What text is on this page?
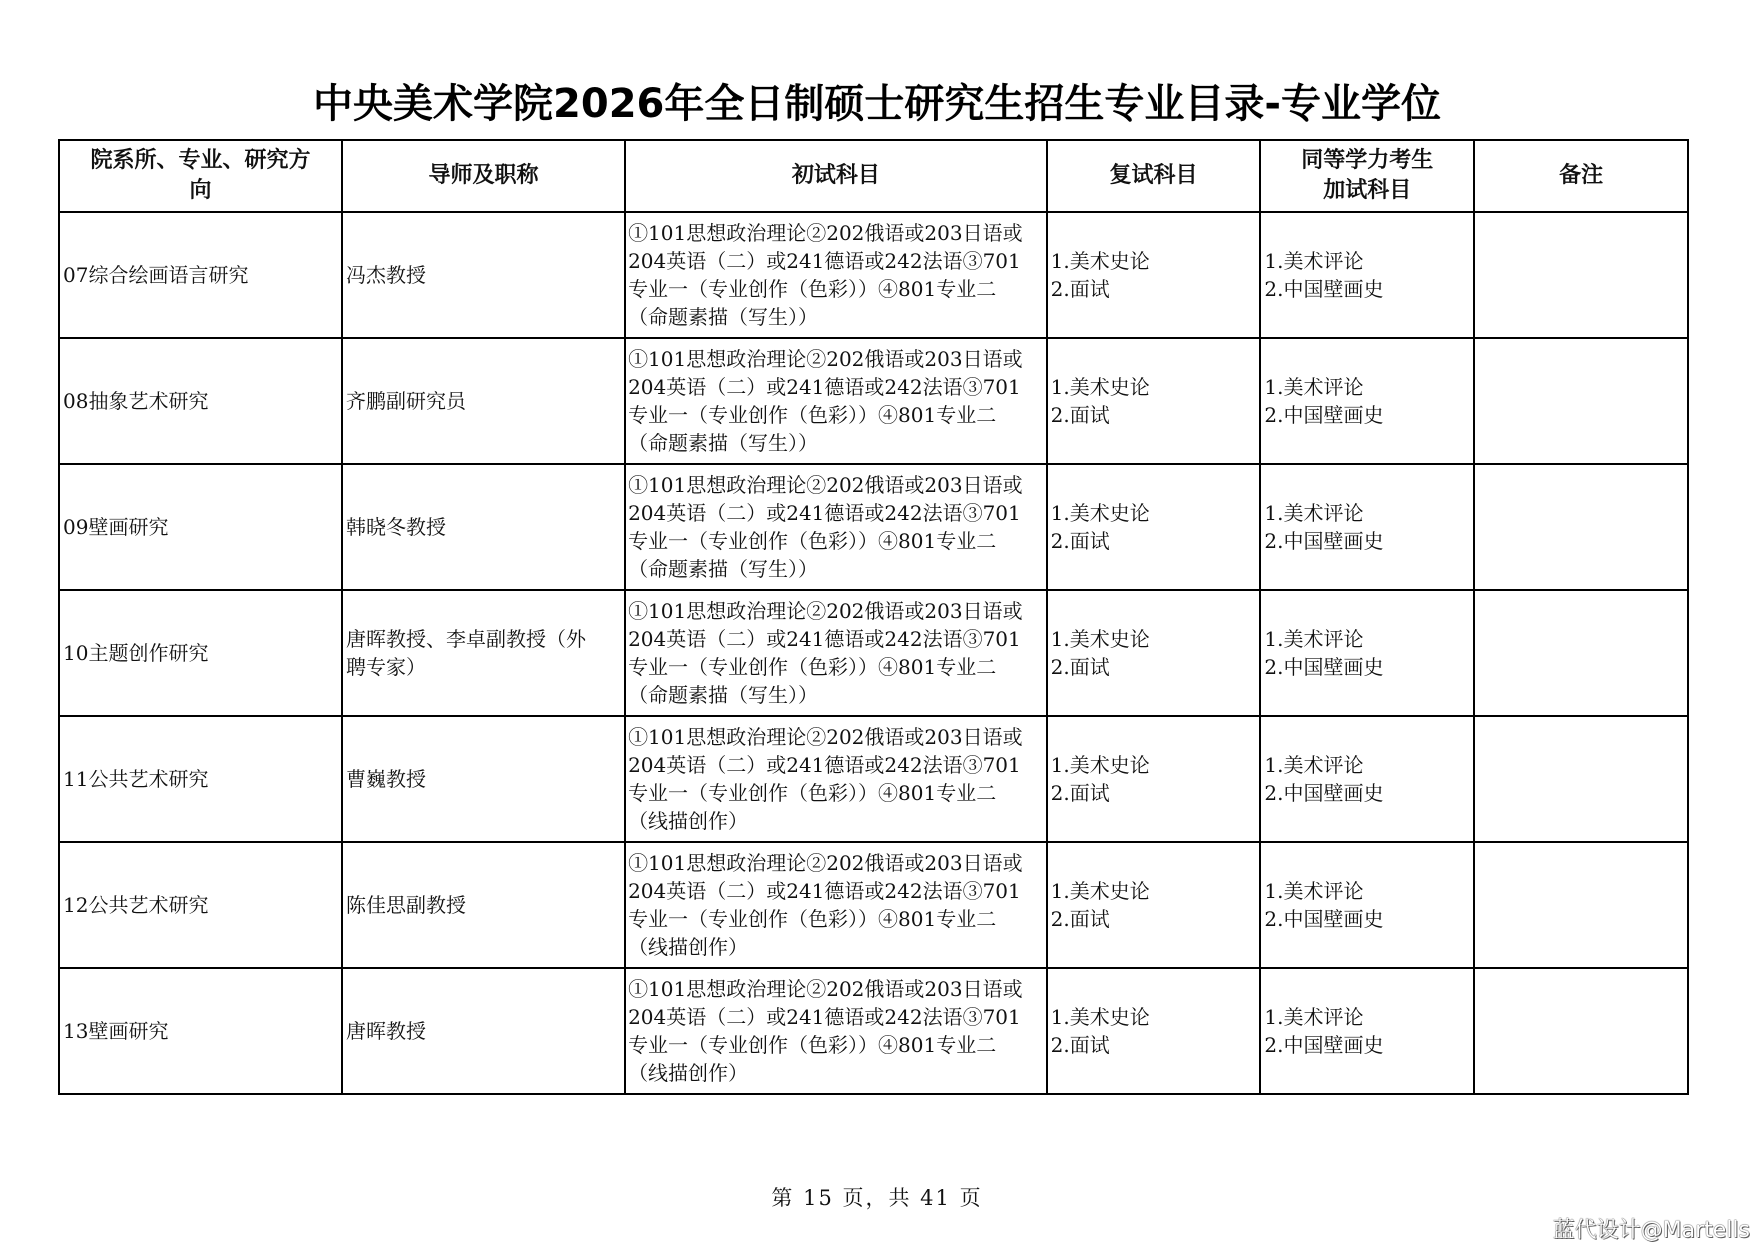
中央美术学院2026年全日制硕士研究生招生专业目录-专业学位
院系所、专业、研究方
向	导师及职称	初试科目	复试科目	同等学力考生
加试科目	备注

07综合绘画语言研究	冯杰教授	①101思想政治理论②202俄语或203日语或
204英语（二）或241德语或242法语③701
专业一（专业创作（色彩））④801专业二
（命题素描（写生））	1.美术史论
2.面试	1.美术评论
2.中国壁画史	

08抽象艺术研究	齐鹏副研究员	①101思想政治理论②202俄语或203日语或
204英语（二）或241德语或242法语③701
专业一（专业创作（色彩））④801专业二
（命题素描（写生））	1.美术史论
2.面试	1.美术评论
2.中国壁画史	

09壁画研究	韩晓冬教授	①101思想政治理论②202俄语或203日语或
204英语（二）或241德语或242法语③701
专业一（专业创作（色彩））④801专业二
（命题素描（写生））	1.美术史论
2.面试	1.美术评论
2.中国壁画史	

10主题创作研究	唐晖教授、李卓副教授（外
聘专家）	①101思想政治理论②202俄语或203日语或
204英语（二）或241德语或242法语③701
专业一（专业创作（色彩））④801专业二
（命题素描（写生））	1.美术史论
2.面试	1.美术评论
2.中国壁画史	

11公共艺术研究	曹巍教授	①101思想政治理论②202俄语或203日语或
204英语（二）或241德语或242法语③701
专业一（专业创作（色彩））④801专业二
（线描创作）	1.美术史论
2.面试	1.美术评论
2.中国壁画史	

12公共艺术研究	陈佳思副教授	①101思想政治理论②202俄语或203日语或
204英语（二）或241德语或242法语③701
专业一（专业创作（色彩））④801专业二
（线描创作）	1.美术史论
2.面试	1.美术评论
2.中国壁画史	

13壁画研究	唐晖教授	①101思想政治理论②202俄语或203日语或
204英语（二）或241德语或242法语③701
专业一（专业创作（色彩））④801专业二
（线描创作）	1.美术史论
2.面试	1.美术评论
2.中国壁画史	

第 15 页，共 41 页
蓝代设计@Martells
